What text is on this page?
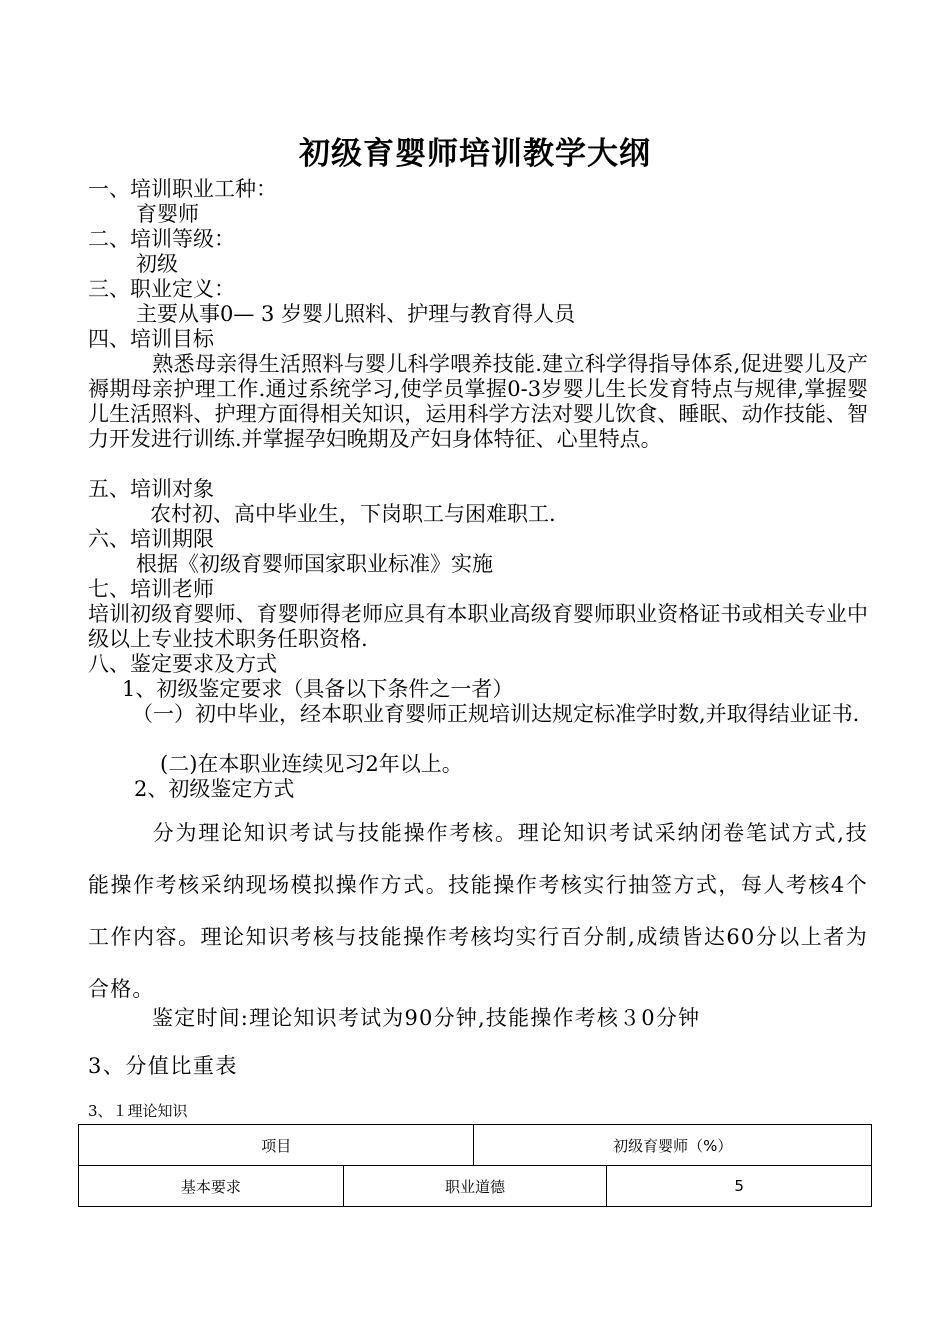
初级育婴师培训教学大纲
一、培训职业工种：
育婴师
二、培训等级：
初级
三、职业定义：
主要从事0— 3 岁婴儿照料、护理与教育得人员
四、培训目标
熟悉母亲得生活照料与婴儿科学喂养技能.建立科学得指导体系,促进婴儿及产褥期母亲护理工作.通过系统学习,使学员掌握0-3岁婴儿生长发育特点与规律,掌握婴儿生活照料、护理方面得相关知识，运用科学方法对婴儿饮食、睡眠、动作技能、智力开发进行训练.并掌握孕妇晚期及产妇身体特征、心里特点。
五、培训对象
农村初、高中毕业生，下岗职工与困难职工.
六、培训期限
根据《初级育婴师国家职业标准》实施
七、培训老师
培训初级育婴师、育婴师得老师应具有本职业高级育婴师职业资格证书或相关专业中级以上专业技术职务任职资格.
八、鉴定要求及方式
1、初级鉴定要求（具备以下条件之一者）
（一）初中毕业，经本职业育婴师正规培训达规定标准学时数,并取得结业证书.
(二)在本职业连续见习2年以上。
2、初级鉴定方式
分为理论知识考试与技能操作考核。理论知识考试采纳闭卷笔试方式,技能操作考核采纳现场模拟操作方式。技能操作考核实行抽签方式，每人考核4个工作内容。理论知识考核与技能操作考核均实行百分制,成绩皆达60分以上者为合格。
鉴定时间:理论知识考试为90分钟,技能操作考核３0分钟
3、分值比重表
3、１理论知识
项目		初级育婴师（%）	
基本要求	职业道德		5
